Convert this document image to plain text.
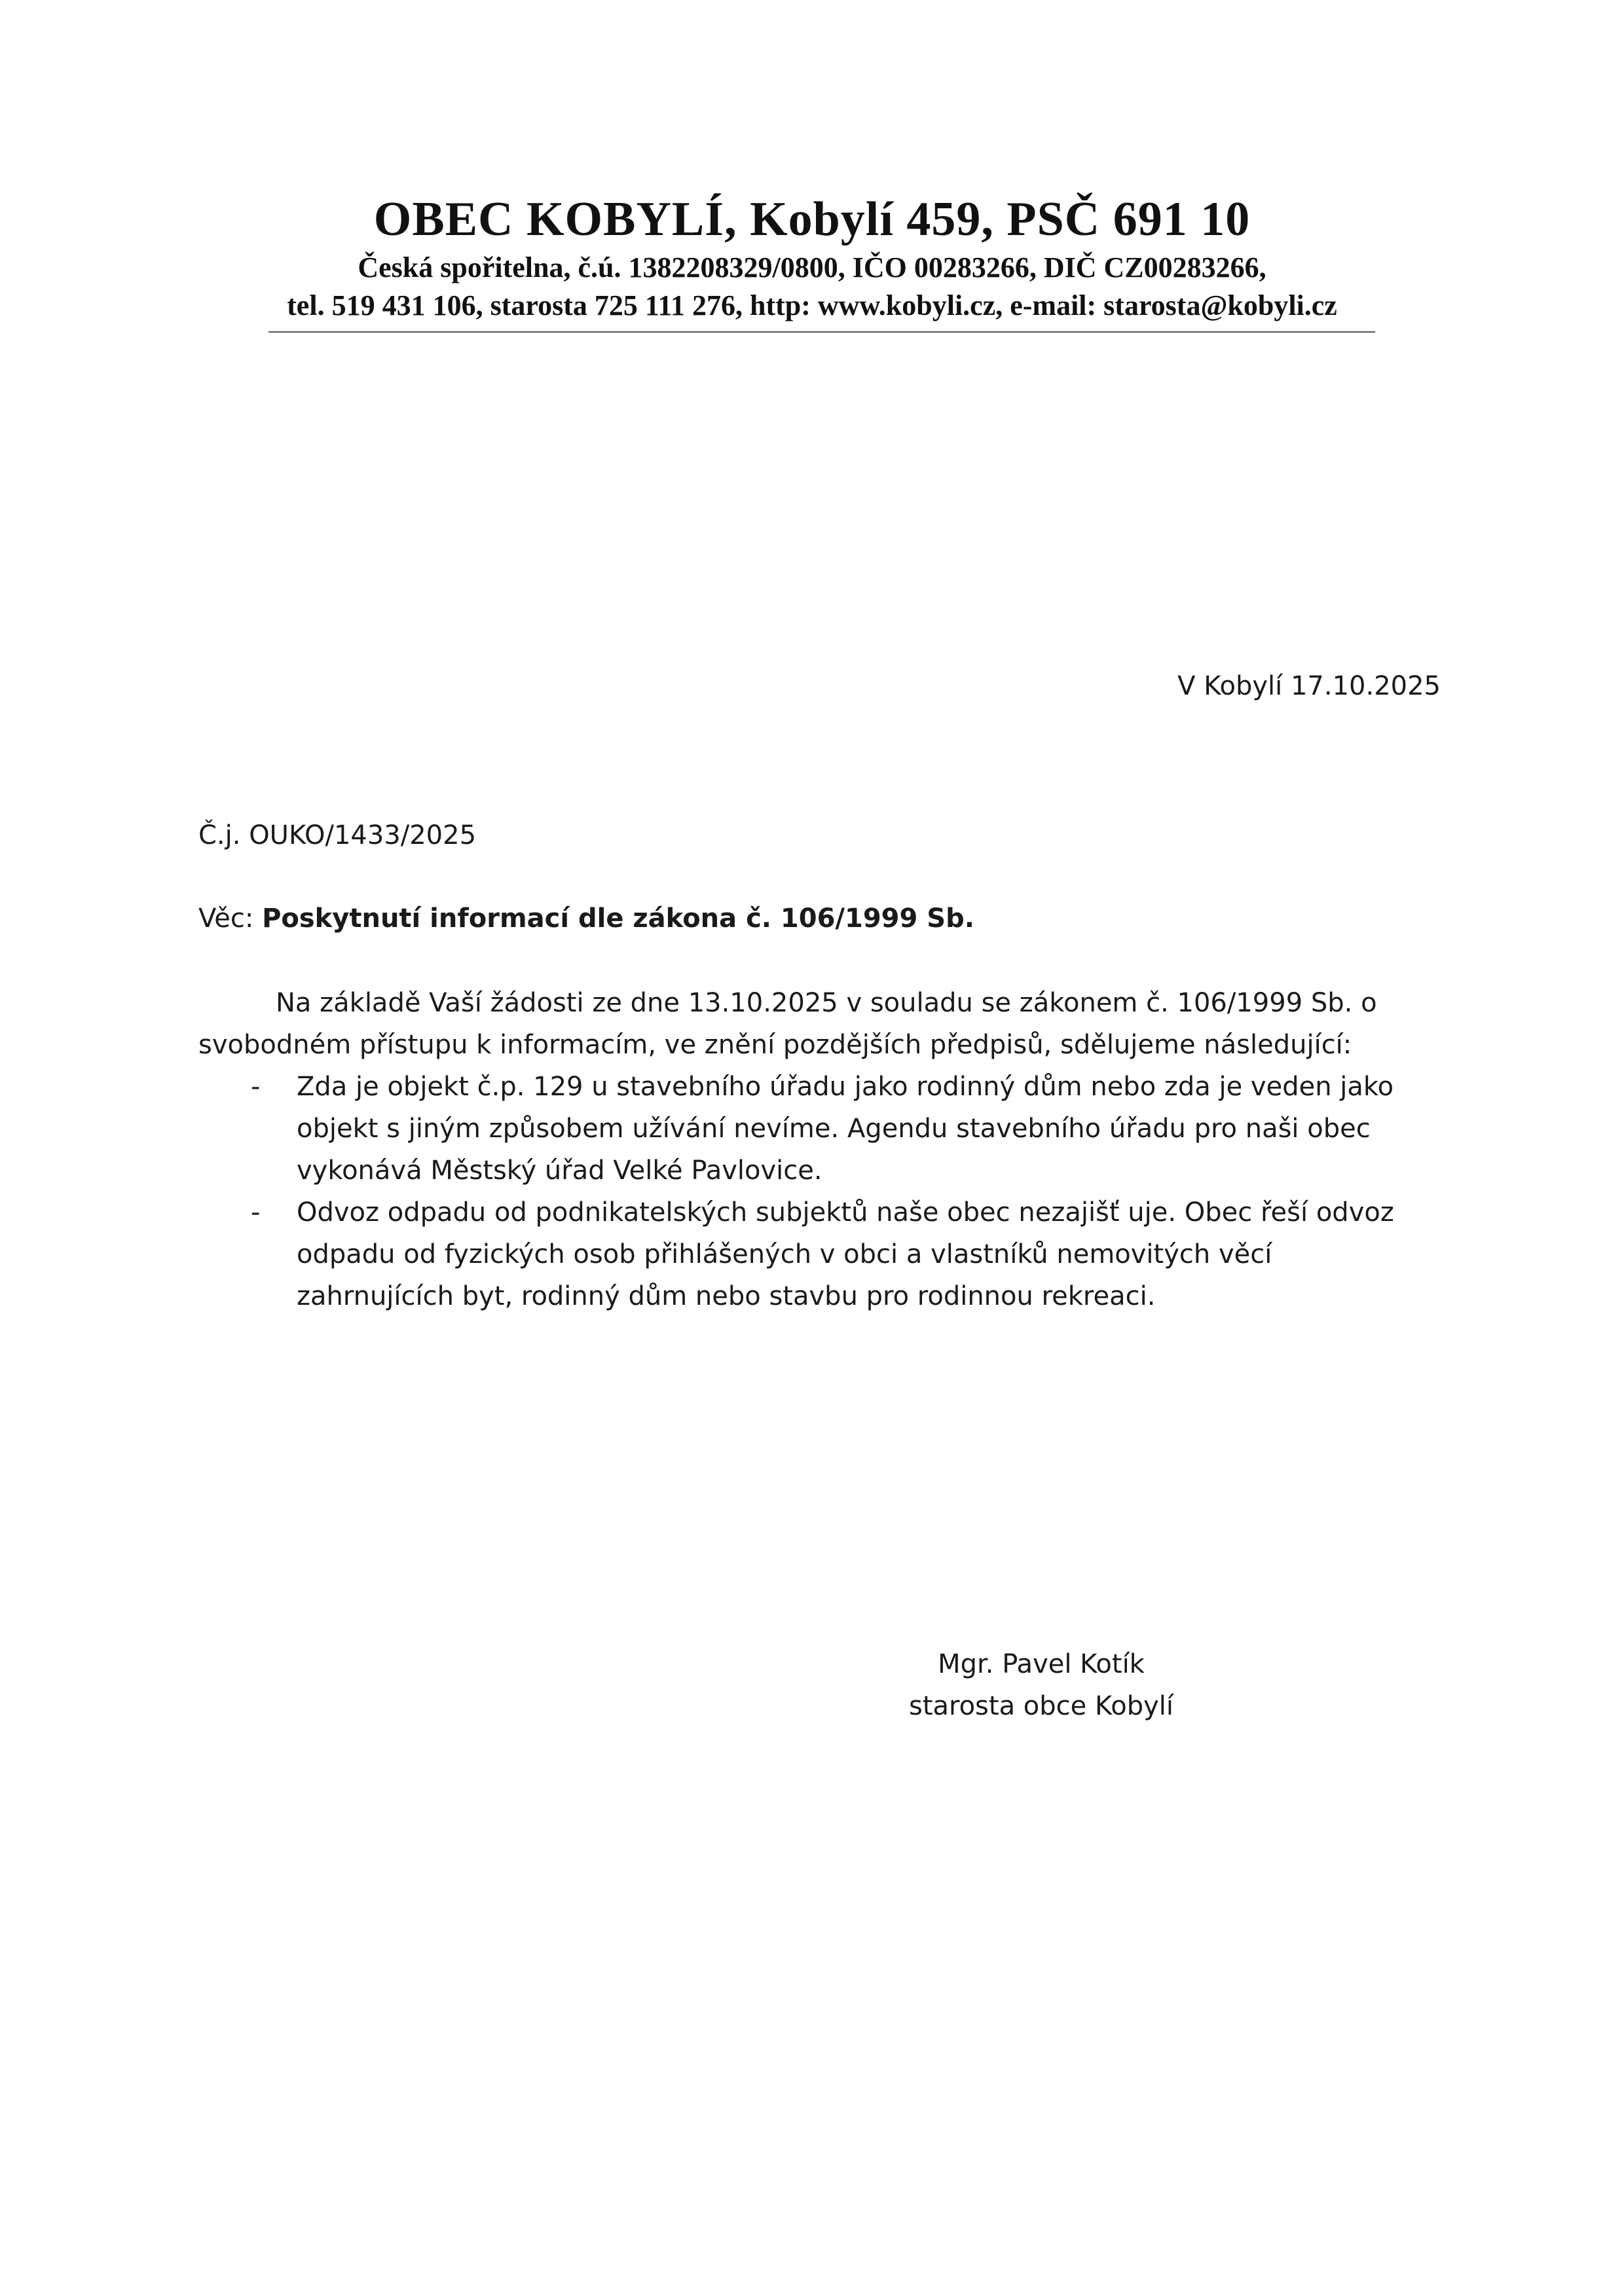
OBEC KOBYLÍ, Kobylí 459, PSČ 691 10
Česká spořitelna, č.ú. 1382208329/0800, IČO 00283266, DIČ CZ00283266,
tel. 519 431 106, starosta 725 111 276, http: www.kobyli.cz, e-mail: starosta@kobyli.cz
V Kobylí 17.10.2025
Č.j. OUKO/1433/2025
Věc: Poskytnutí informací dle zákona č. 106/1999 Sb.

Na základě Vaší žádosti ze dne 13.10.2025 v souladu se zákonem č. 106/1999 Sb. o svobodném přístupu k informacím, ve znění pozdějších předpisů, sdělujeme následující:

- Zda je objekt č.p. 129 u stavebního úřadu jako rodinný dům nebo zda je veden jako objekt s jiným způsobem užívání nevíme. Agendu stavebního úřadu pro naši obec vykonává Městský úřad Velké Pavlovice.
- Odvoz odpadu od podnikatelských subjektů naše obec nezajišť uje. Obec řeší odvoz odpadu od fyzických osob přihlášených v obci a vlastníků nemovitých věcí zahrnujících byt, rodinný dům nebo stavbu pro rodinnou rekreaci.
Mgr. Pavel Kotík
starosta obce Kobylí
